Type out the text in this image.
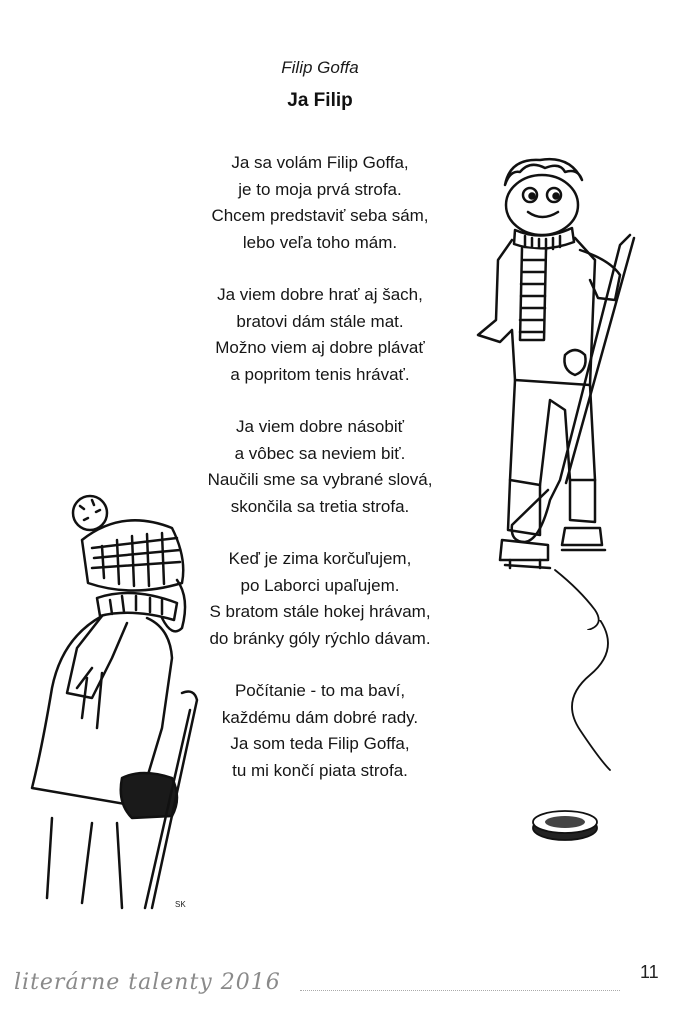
Filip Goffa
Ja Filip
Ja sa volám Filip Goffa,
je to moja prvá strofa.
Chcem predstaviť seba sám,
lebo veľa toho mám.
Ja viem dobre hrať aj šach,
bratovi dám stále mat.
Možno viem aj dobre plávať
a popritom tenis hrávať.
Ja viem dobre násobiť
a vôbec sa neviem biť.
Naučili sme sa vybrané slová,
skončila sa tretia strofa.
Keď je zima korčuľujem,
po Laborci upaľujem.
S bratom stále hokej hrávam,
do bránky góly rýchlo dávam.
Počítanie - to ma baví,
každému dám dobré rady.
Ja som teda Filip Goffa,
tu mi končí piata strofa.
SK
literárne talenty 2016	11
